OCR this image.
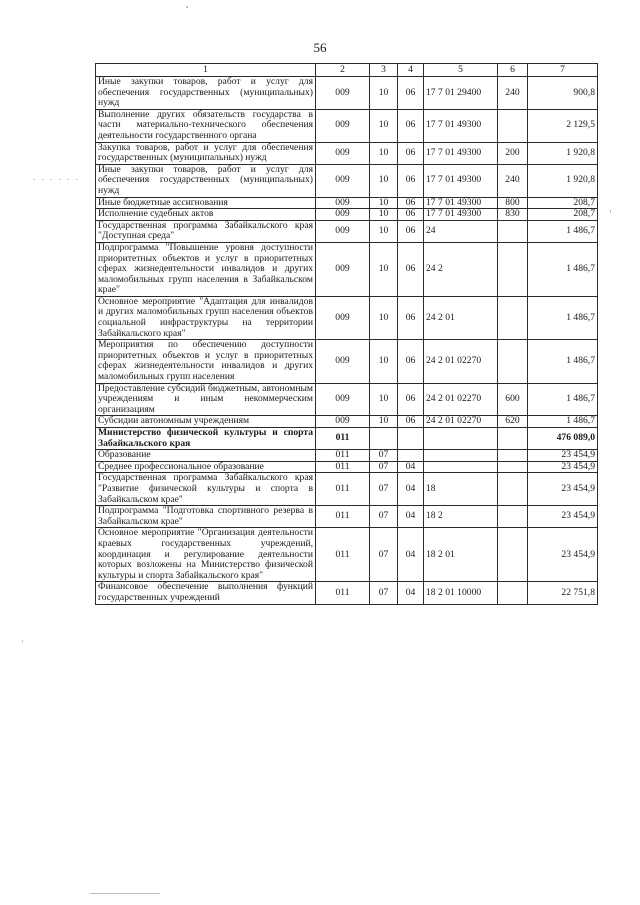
56
. . . . . .
1	2	3	4	5	6	7
Иные закупки товаров, работ и услуг для обеспечения государственных (муниципальных) нужд	009	10	06	17 7 01 29400	240	900,8
Выполнение других обязательств государства в части материально-технического обеспечения деятельности государственного органа	009	10	06	17 7 01 49300		2 129,5
Закупка товаров, работ и услуг для обеспечения государственных (муниципальных) нужд	009	10	06	17 7 01 49300	200	1 920,8
Иные закупки товаров, работ и услуг для обеспечения государственных (муниципальных) нужд	009	10	06	17 7 01 49300	240	1 920,8
Иные бюджетные ассигнования	009	10	06	17 7 01 49300	800	208,7
Исполнение судебных актов	009	10	06	17 7 01 49300	830	208,7
Государственная программа Забайкальского края "Доступная среда"	009	10	06	24		1 486,7
Подпрограмма "Повышение уровня доступности приоритетных объектов и услуг в приоритетных сферах жизнедеятельности инвалидов и других маломобильных групп населения в Забайкальском крае"	009	10	06	24 2		1 486,7
Основное мероприятие "Адаптация для инвалидов и других маломобильных групп населения объектов социальной инфраструктуры на территории Забайкальского края"	009	10	06	24 2 01		1 486,7
Мероприятия по обеспечению доступности приоритетных объектов и услуг в приоритетных сферах жизнедеятельности инвалидов и других маломобильных групп населения	009	10	06	24 2 01 02270		1 486,7
Предоставление субсидий бюджетным, автономным учреждениям и иным некоммерческим организациям	009	10	06	24 2 01 02270	600	1 486,7
Субсидии автономным учреждениям	009	10	06	24 2 01 02270	620	1 486,7
Министерство физической культуры и спорта Забайкальского края	011					476 089,0
Образование	011	07				23 454,9
Среднее профессиональное образование	011	07	04			23 454,9
Государственная программа Забайкальского края "Развитие физической культуры и спорта в Забайкальском крае"	011	07	04	18		23 454,9
Подпрограмма "Подготовка спортивного резерва в Забайкальском крае"	011	07	04	18 2		23 454,9
Основное мероприятие "Организация деятельности краевых государственных учреждений, координация и регулирование деятельности которых возложены на Министерство физической культуры и спорта Забайкальского края"	011	07	04	18 2 01		23 454,9
Финансовое обеспечение выполнения функций государственных учреждений	011	07	04	18 2 01 10000		22 751,8
